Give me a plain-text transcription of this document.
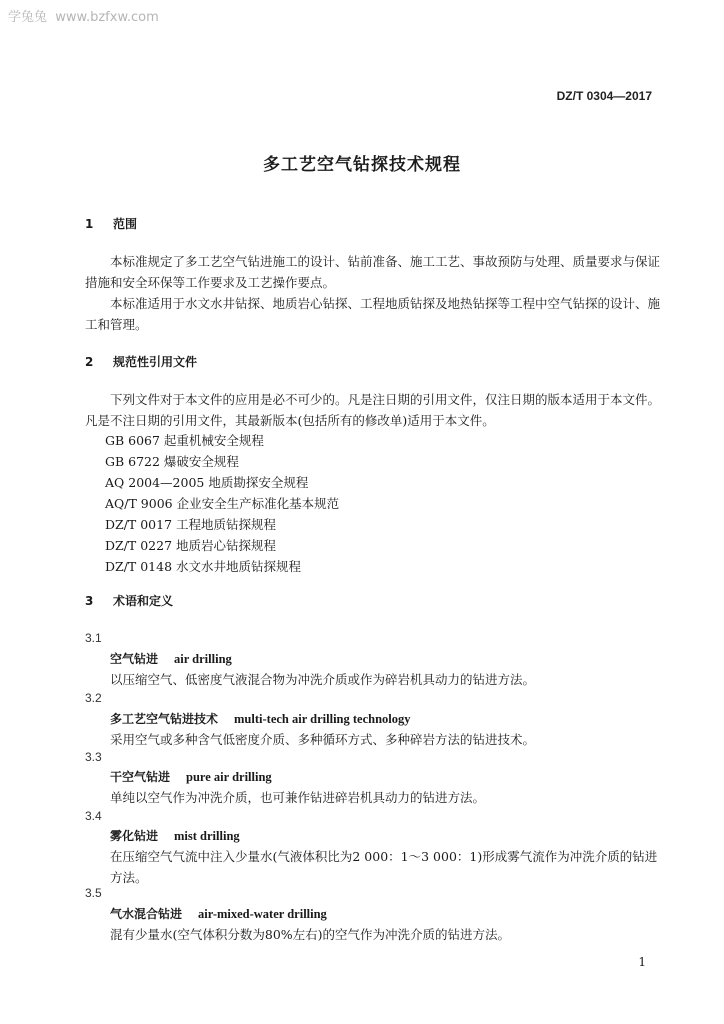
学兔兔  www.bzfxw.com
DZ/T 0304—2017
多工艺空气钻探技术规程
1 范围
本标准规定了多工艺空气钻进施工的设计、钻前准备、施工工艺、事故预防与处理、质量要求与保证措施和安全环保等工作要求及工艺操作要点。
本标准适用于水文水井钻探、地质岩心钻探、工程地质钻探及地热钻探等工程中空气钻探的设计、施工和管理。
2 规范性引用文件
下列文件对于本文件的应用是必不可少的。凡是注日期的引用文件，仅注日期的版本适用于本文件。凡是不注日期的引用文件，其最新版本(包括所有的修改单)适用于本文件。
GB 6067 起重机械安全规程
GB 6722 爆破安全规程
AQ 2004—2005 地质勘探安全规程
AQ/T 9006 企业安全生产标准化基本规范
DZ/T 0017 工程地质钻探规程
DZ/T 0227 地质岩心钻探规程
DZ/T 0148 水文水井地质钻探规程
3 术语和定义
3.1
空气钻进 air drilling
以压缩空气、低密度气液混合物为冲洗介质或作为碎岩机具动力的钻进方法。
3.2
多工艺空气钻进技术 multi-tech air drilling technology
采用空气或多种含气低密度介质、多种循环方式、多种碎岩方法的钻进技术。
3.3
干空气钻进 pure air drilling
单纯以空气作为冲洗介质，也可兼作钻进碎岩机具动力的钻进方法。
3.4
雾化钻进 mist drilling
在压缩空气气流中注入少量水(气液体积比为2 000：1～3 000：1)形成雾气流作为冲洗介质的钻进方法。
3.5
气水混合钻进 air-mixed-water drilling
混有少量水(空气体积分数为80%左右)的空气作为冲洗介质的钻进方法。
1
